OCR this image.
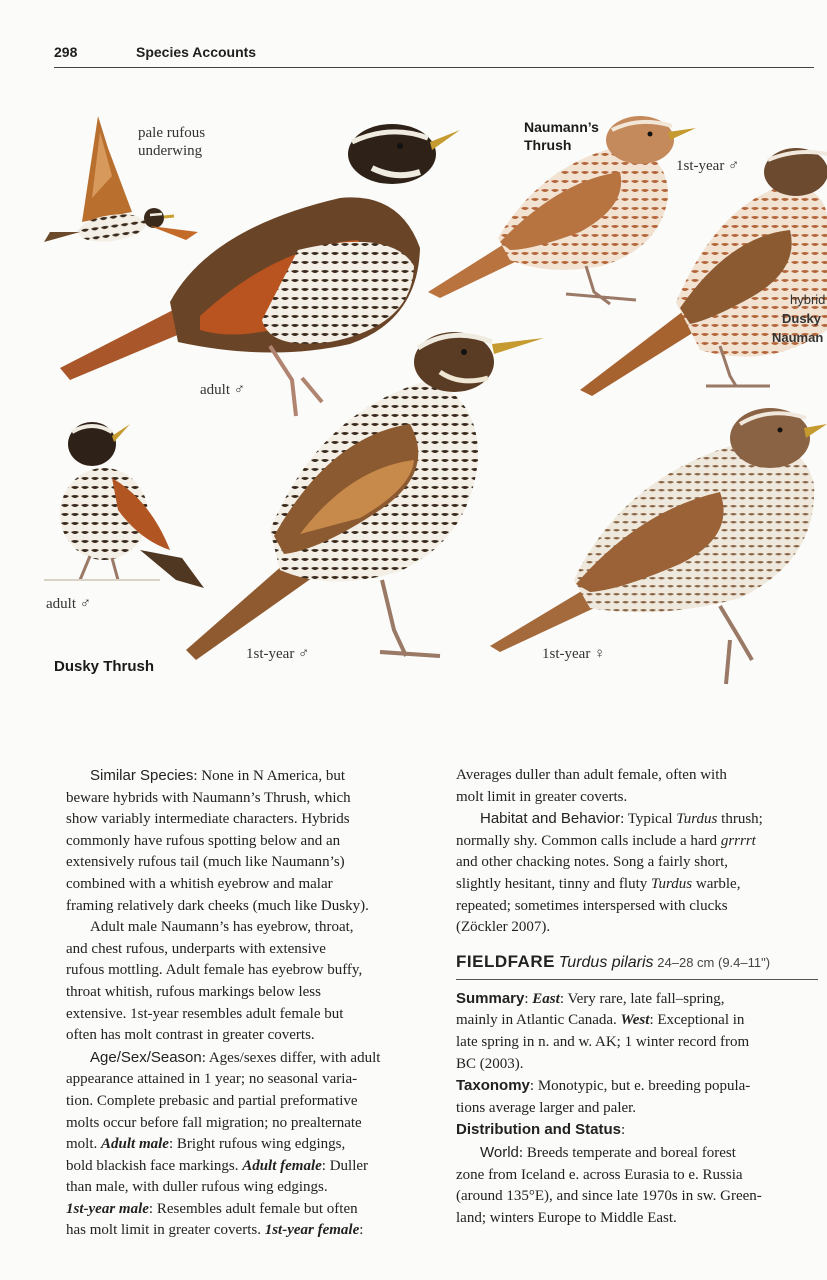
298	Species Accounts
pale rufous
underwing
adult ♂
adult ♂
1st-year ♂
Naumann’s
Thrush
1st-year ♂
hybrid
Dusky
Nauman
1st-year ♀
Dusky Thrush

Similar Species: None in N America, but

beware hybrids with Naumann’s Thrush, which

show variably intermediate characters. Hybrids

commonly have rufous spotting below and an

extensively rufous tail (much like Naumann’s)

combined with a whitish eyebrow and malar

framing relatively dark cheeks (much like Dusky).

Adult male Naumann’s has eyebrow, throat,

and chest rufous, underparts with extensive

rufous mottling. Adult female has eyebrow buffy,

throat whitish, rufous markings below less

extensive. 1st-year resembles adult female but

often has molt contrast in greater coverts.

Age/Sex/Season: Ages/sexes differ, with adult

appearance attained in 1 year; no seasonal varia-

tion. Complete prebasic and partial preformative

molts occur before fall migration; no prealternate

molt. Adult male: Bright rufous wing edgings,

bold blackish face markings. Adult female: Duller

than male, with duller rufous wing edgings.

1st-year male: Resembles adult female but often

has molt limit in greater coverts. 1st-year female:

Averages duller than adult female, often with

molt limit in greater coverts.

Habitat and Behavior: Typical Turdus thrush;

normally shy. Common calls include a hard grrrrt

and other chacking notes. Song a fairly short,

slightly hesitant, tinny and fluty Turdus warble,

repeated; sometimes interspersed with clucks

(Zöckler 2007).

FIELDFARE Turdus pilaris 24–28 cm (9.4–11")

Summary: East: Very rare, late fall–spring,

mainly in Atlantic Canada. West: Exceptional in

late spring in n. and w. AK; 1 winter record from

BC (2003).

Taxonomy: Monotypic, but e. breeding popula-

tions average larger and paler.

Distribution and Status:

World: Breeds temperate and boreal forest

zone from Iceland e. across Eurasia to e. Russia

(around 135°E), and since late 1970s in sw. Green-

land; winters Europe to Middle East.
